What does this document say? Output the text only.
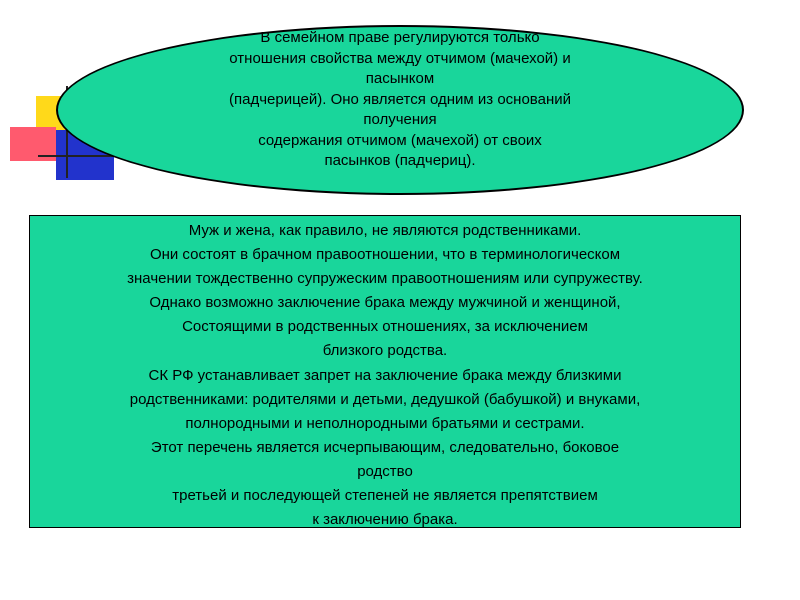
В семейном праве регулируются только
отношения свойства между отчимом (мачехой) и
пасынком
(падчерицей). Оно является одним из оснований
получения
содержания отчимом (мачехой) от своих
пасынков (падчериц).
Муж и жена, как правило, не являются родственниками.
Они состоят в брачном правоотношении, что в терминологическом
значении тождественно супружеским правоотношениям или супружеству.
Однако возможно заключение брака между мужчиной и женщиной,
Состоящими в родственных отношениях, за исключением
близкого родства.
СК РФ устанавливает запрет на заключение брака между близкими
родственниками: родителями и детьми, дедушкой (бабушкой) и внуками,
полнородными и неполнородными братьями и сестрами.
Этот перечень является исчерпывающим, следовательно, боковое
родство
третьей и последующей степеней не является препятствием
к заключению брака.
